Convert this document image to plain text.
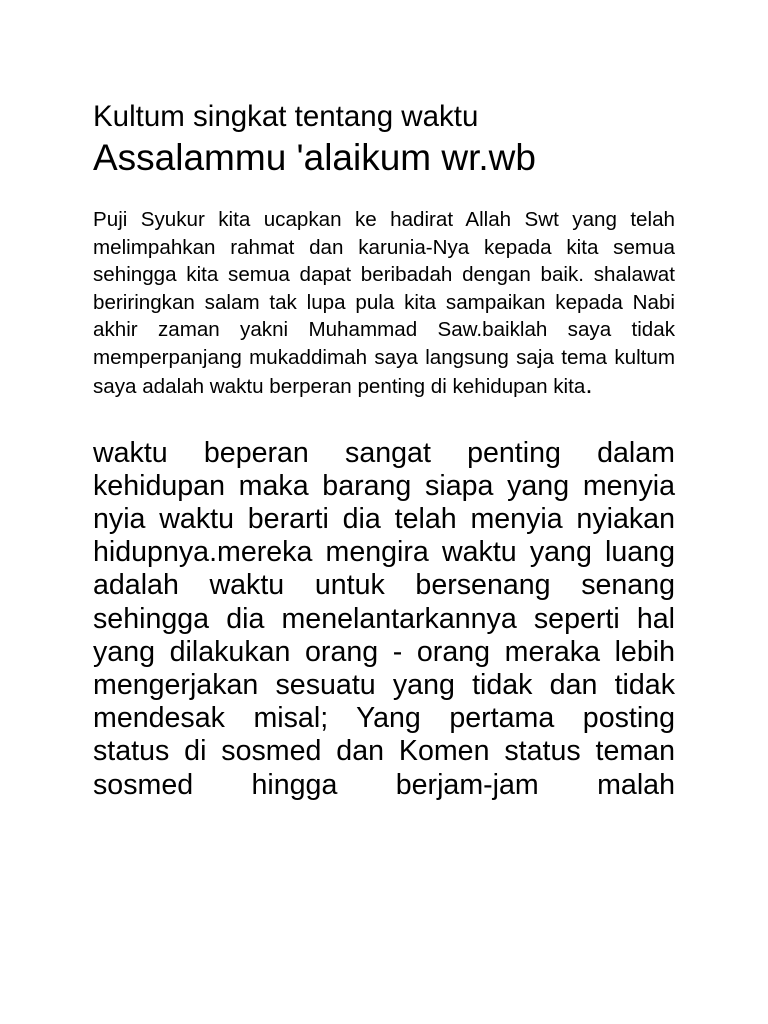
Kultum singkat tentang waktu
Assalammu 'alaikum wr.wb

Puji Syukur kita ucapkan ke hadirat Allah Swt yang telah melimpahkan rahmat dan karunia-Nya kepada kita semua sehingga kita semua dapat beribadah dengan baik. shalawat beriringkan salam tak lupa pula kita sampaikan kepada Nabi akhir zaman yakni Muhammad Saw.baiklah saya tidak memperpanjang mukaddimah saya langsung saja tema kultum saya adalah waktu berperan penting di kehidupan kita.

waktu beperan sangat penting dalam kehidupan maka barang siapa yang menyia nyia waktu berarti dia telah menyia nyiakan hidupnya.mereka mengira waktu yang luang adalah waktu untuk bersenang senang sehingga dia menelantarkannya seperti hal yang dilakukan orang - orang meraka lebih mengerjakan sesuatu yang tidak dan tidak mendesak misal; Yang pertama posting status di sosmed dan Komen status teman sosmed hingga berjam-jam malah
